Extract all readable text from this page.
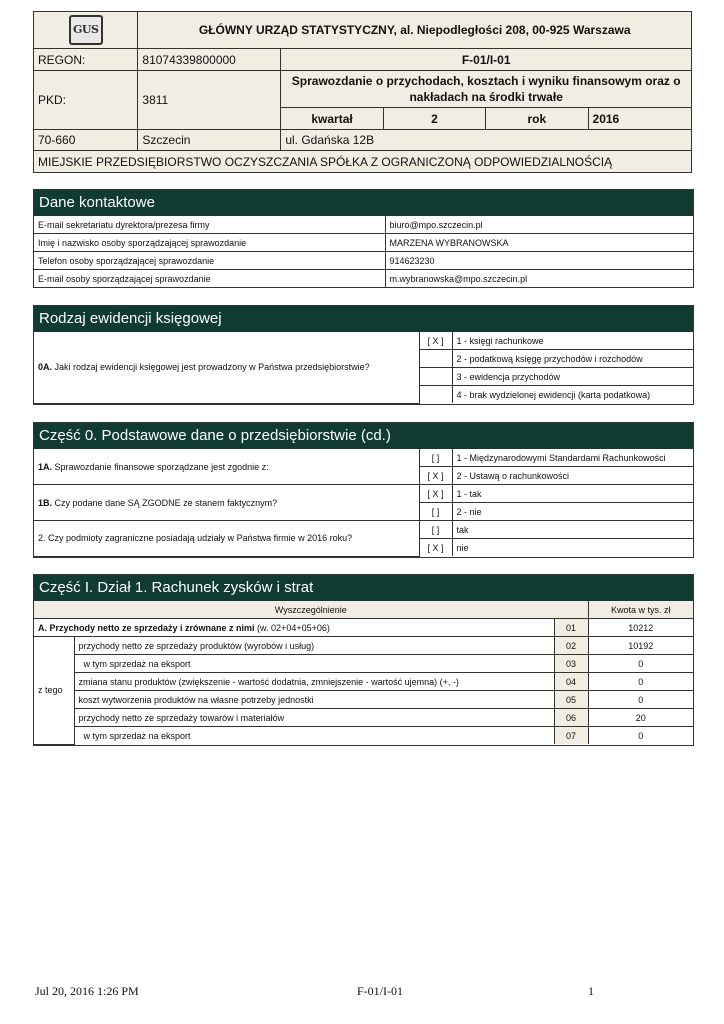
GUS	GŁÓWNY URZĄD STATYSTYCZNY, al. Niepodległości 208, 00-925 Warszawa				
REGON:	81074339800000	F-01/I-01			
PKD:	3811	Sprawozdanie o przychodach, kosztach i wyniku finansowym oraz o nakładach na środki trwałe			
		kwartał	2	rok	2016
70-660	Szczecin	ul. Gdańska 12B			
MIEJSKIE PRZEDSIĘBIORSTWO OCZYSZCZANIA SPÓŁKA Z OGRANICZONĄ ODPOWIEDZIALNOŚCIĄ					
Dane kontaktowe
E-mail sekretariatu dyrektora/prezesa firmy	biuro@mpo.szczecin.pl
Imię i nazwisko osoby sporządzającej sprawozdanie	MARZENA WYBRANOWSKA
Telefon osoby sporządzającej sprawozdanie	914623230
E-mail osoby sporządzającej sprawozdanie	m.wybranowska@mpo.szczecin.pl
Rodzaj ewidencji księgowej
0A. Jaki rodzaj ewidencji księgowej jest prowadzony w Państwa przedsiębiorstwie?	[ X ]	1 - księgi rachunkowe
		2 - podatkową księgę przychodów i rozchodów
		3 - ewidencja przychodów
		4 - brak wydzielonej ewidencji (karta podatkowa)
Część 0. Podstawowe dane o przedsiębiorstwie (cd.)
1A. Sprawozdanie finansowe sporządzane jest zgodnie z:	[ ]	1 - Międzynarodowymi Standardami Rachunkowości
	[ X ]	2 - Ustawą o rachunkowości
1B. Czy podane dane SĄ ZGODNE ze stanem faktycznym?	[ X ]	1 - tak
	[ ]	2 - nie
2. Czy podmioty zagraniczne posiadają udziały w Państwa firmie w 2016 roku?	[ ]	tak
	[ X ]	nie
Część I. Dział 1. Rachunek zysków i strat
Wyszczególnienie			Kwota w tys. zł
A. Przychody netto ze sprzedaży i zrównane z nimi (w. 02+04+05+06)		01	10212
z tego	przychody netto ze sprzedaży produktów (wyrobów i usług)	02	10192
	w tym sprzedaż na eksport	03	0
	zmiana stanu produktów (zwiększenie - wartość dodatnia, zmniejszenie - wartość ujemna) (+, -)	04	0
	koszt wytworzenia produktów na własne potrzeby jednostki	05	0
	przychody netto ze sprzedaży towarów i materiałów	06	20
	w tym sprzedaż na eksport	07	0
Jul 20, 2016 1:26 PM	F-01/I-01	1
